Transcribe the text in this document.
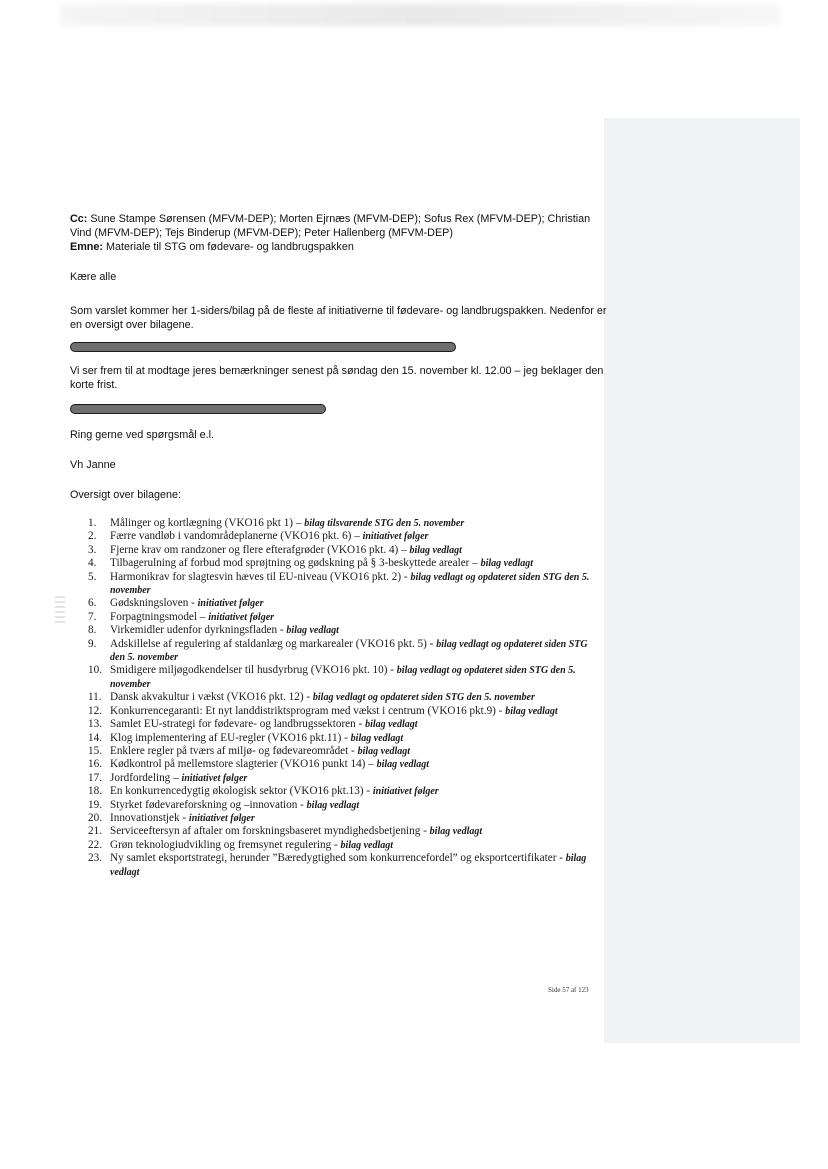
Cc: Sune Stampe Sørensen (MFVM-DEP); Morten Ejrnæs (MFVM-DEP); Sofus Rex (MFVM-DEP); Christian Vind (MFVM-DEP); Tejs Binderup (MFVM-DEP); Peter Hallenberg (MFVM-DEP)

Emne: Materiale til STG om fødevare- og landbrugspakken

Kære alle

Som varslet kommer her 1-siders/bilag på de fleste af initiativerne til fødevare- og landbrugspakken. Nedenfor er en oversigt over bilagene.

Vi ser frem til at modtage jeres bemærkninger senest på søndag den 15. november kl. 12.00 – jeg beklager den korte frist.

Ring gerne ved spørgsmål e.l.

Vh Janne

Oversigt over bilagene:

1.	Målinger og kortlægning (VKO16 pkt 1) – bilag tilsvarende STG den 5. november
2.	Færre vandløb i vandområdeplanerne (VKO16 pkt. 6) – initiativet følger
3.	Fjerne krav om randzoner og flere efterafgrøder (VKO16 pkt. 4) – bilag vedlagt
4.	Tilbagerulning af forbud mod sprøjtning og gødskning på § 3-beskyttede arealer – bilag vedlagt
5.	Harmonikrav for slagtesvin hæves til EU-niveau (VKO16 pkt. 2) - bilag vedlagt og opdateret siden STG den 5. november
6.	Gødskningsloven - initiativet følger
7.	Forpagtningsmodel – initiativet følger
8.	Virkemidler udenfor dyrkningsfladen - bilag vedlagt
9.	Adskillelse af regulering af staldanlæg og markarealer (VKO16 pkt. 5) - bilag vedlagt og opdateret siden STG den 5. november
10. Smidigere miljøgodkendelser til husdyrbrug (VKO16 pkt. 10) - bilag vedlagt og opdateret siden STG den 5. november
11. Dansk akvakultur i vækst (VKO16 pkt. 12) - bilag vedlagt og opdateret siden STG den 5. november
12. Konkurrencegaranti: Et nyt landdistriktsprogram med vækst i centrum (VKO16 pkt.9) - bilag vedlagt
13. Samlet EU-strategi for fødevare- og landbrugssektoren - bilag vedlagt
14. Klog implementering af EU-regler (VKO16 pkt.11) - bilag vedlagt
15. Enklere regler på tværs af miljø- og fødevareområdet - bilag vedlagt
16. Kødkontrol på mellemstore slagterier (VKO16 punkt 14) – bilag vedlagt
17. Jordfordeling – initiativet følger
18. En konkurrencedygtig økologisk sektor (VKO16 pkt.13) - initiativet følger
19. Styrket fødevareforskning og –innovation - bilag vedlagt
20. Innovationstjek - initiativet følger
21. Serviceeftersyn af aftaler om forskningsbaseret myndighedsbetjening - bilag vedlagt
22. Grøn teknologiudvikling og fremsynet regulering - bilag vedlagt
23. Ny samlet eksportstrategi, herunder ”Bæredygtighed som konkurrencefordel” og eksportcertifikater - bilag vedlagt
Side 57 af 123
